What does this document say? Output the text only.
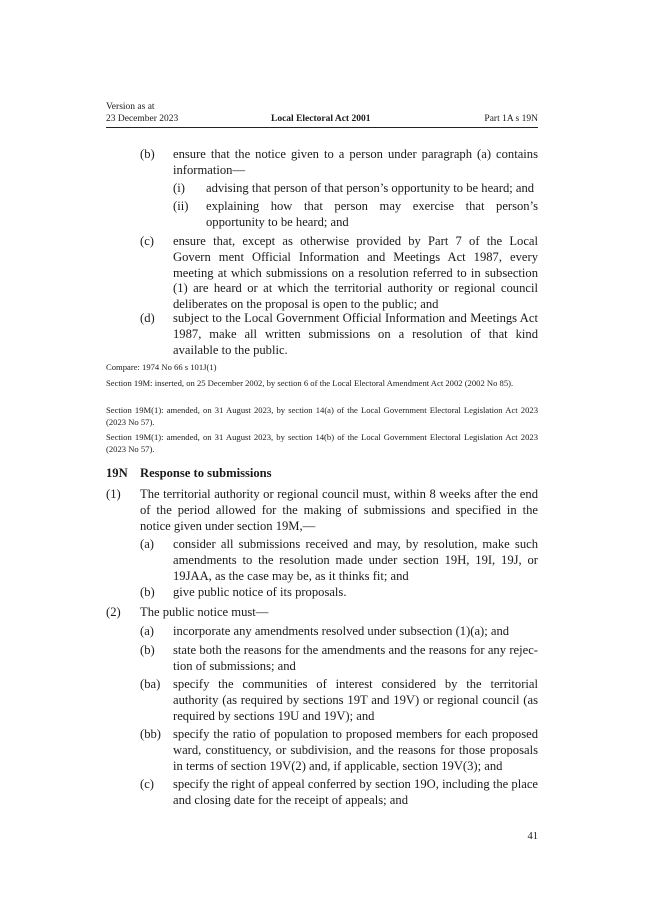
Version as at
23 December 2023	Local Electoral Act 2001	Part 1A s 19N
(b) ensure that the notice given to a person under paragraph (a) contains information—

(i) advising that person of that person’s opportunity to be heard; and

(ii) explaining how that person may exercise that person’s opportunity to be heard; and

(c) ensure that, except as otherwise provided by Part 7 of the Local Govern ment Official Information and Meetings Act 1987, every meeting at which submissions on a resolution referred to in subsection (1) are heard or at which the territorial authority or regional council deliberates on the proposal is open to the public; and

(d) subject to the Local Government Official Information and Meetings Act 1987, make all written submissions on a resolution of that kind available to the public.

Compare: 1974 No 66 s 101J(1)

Section 19M: inserted, on 25 December 2002, by section 6 of the Local Electoral Amendment Act 2002 (2002 No 85).

Section 19M(1): amended, on 31 August 2023, by section 14(a) of the Local Government Electoral Legislation Act 2023 (2023 No 57).

Section 19M(1): amended, on 31 August 2023, by section 14(b) of the Local Government Electoral Legislation Act 2023 (2023 No 57).

19N Response to submissions
(1) The territorial authority or regional council must, within 8 weeks after the end of the period allowed for the making of submissions and specified in the notice given under section 19M,—

(a) consider all submissions received and may, by resolution, make such amendments to the resolution made under section 19H, 19I, 19J, or 19JAA, as the case may be, as it thinks fit; and

(b) give public notice of its proposals.

(2) The public notice must—

(a) incorporate any amendments resolved under subsection (1)(a); and

(b) state both the reasons for the amendments and the reasons for any rejec tion of submissions; and

(ba) specify the communities of interest considered by the territorial authority (as required by sections 19T and 19V) or regional council (as required by sections 19U and 19V); and

(bb) specify the ratio of population to proposed members for each proposed ward, constituency, or subdivision, and the reasons for those proposals in terms of section 19V(2) and, if applicable, section 19V(3); and

(c) specify the right of appeal conferred by section 19O, including the place and closing date for the receipt of appeals; and

41
